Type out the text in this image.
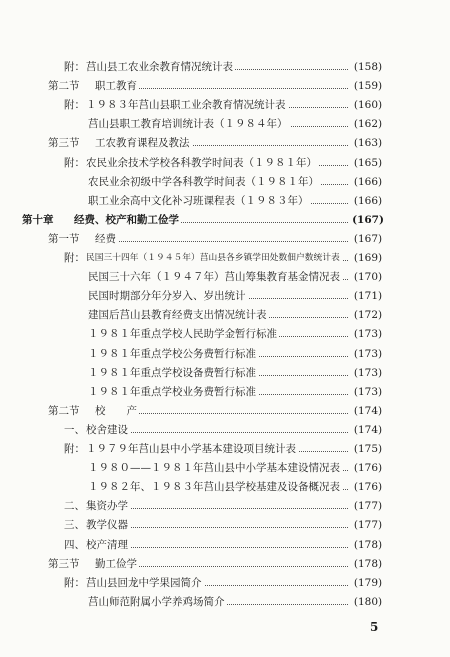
附： 莒山县工农业余教育情况统计表	(158)
第二节 职工教育	(159)
附： １９８３年莒山县职工业余教育情况统计表	(160)
莒山县职工教育培训统计表（１９８４年）	(162)
第三节 工农教育课程及教法	(163)
附： 农民业余技术学校各科教学时间表（１９８１年）	(165)
农民业余初级中学各科教学时间表（１９８１年）	(166)
职工业余高中文化补习班课程表（１９８３年）	(166)
第十章 经费、校产和勤工俭学	(167)
第一节 经费	(167)
附： 民国三十四年（１９４５年）莒山县各乡镇学田处数佃户数统计表	(169)
民国三十六年（１９４７年）莒山筹集教育基金情况表	(170)
民国时期部分年分岁入、岁出统计	(171)
建国后莒山县教育经费支出情况统计表	(172)
１９８１年重点学校人民助学金暂行标准	(173)
１９８１年重点学校公务费暂行标准	(173)
１９８１年重点学校设备费暂行标准	(173)
１９８１年重点学校业务费暂行标准	(173)
第二节 校　　产	(174)
一、 校舍建设	(174)
附： １９７９年莒山县中小学基本建设项目统计表	(175)
１９８０——１９８１年莒山县中小学基本建设情况表	(176)
１９８２年、１９８３年莒山县学校基建及设备概况表	(176)
二、 集资办学	(177)
三、 教学仪器	(177)
四、 校产清理	(178)
第三节 勤工俭学	(178)
附： 莒山县回龙中学果园简介	(179)
莒山师范附属小学养鸡场简介	(180)
5
